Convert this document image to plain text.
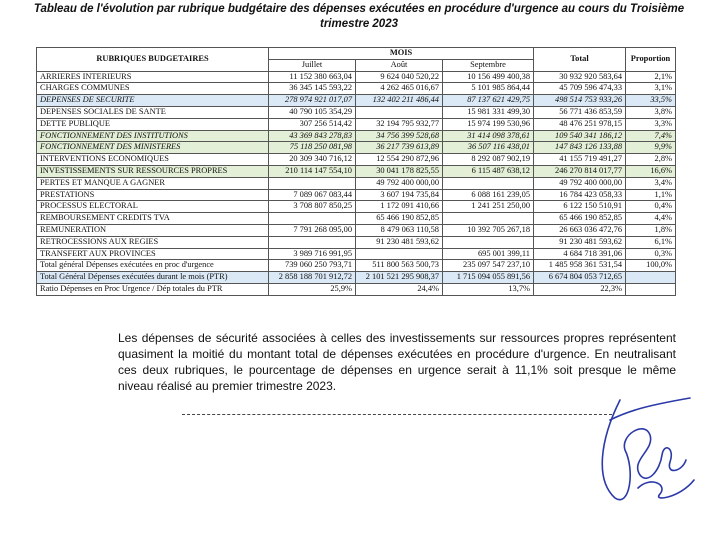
Tableau de l'évolution par rubrique budgétaire des dépenses exécutées en procédure d'urgence au cours du Troisième
trimestre 2023
RUBRIQUES BUDGETAIRES	MOIS			Total	Proportion
	Juillet	Août	Septembre		
ARRIERES INTERIEURS	11 152 380 663,04	9 624 040 520,22	10 156 499 400,38	30 932 920 583,64	2,1%
CHARGES COMMUNES	36 345 145 593,22	4 262 465 016,67	5 101 985 864,44	45 709 596 474,33	3,1%
DEPENSES DE SECURITE	278 974 921 017,07	132 402 211 486,44	87 137 621 429,75	498 514 753 933,26	33,5%
DEPENSES SOCIALES DE SANTE	40 790 105 354,29		15 981 331 499,30	56 771 436 853,59	3,8%
DETTE PUBLIQUE	307 256 514,42	32 194 795 932,77	15 974 199 530,96	48 476 251 978,15	3,3%
FONCTIONNEMENT DES INSTITUTIONS	43 369 843 278,83	34 756 399 528,68	31 414 098 378,61	109 540 341 186,12	7,4%
FONCTIONNEMENT DES MINISTERES	75 118 250 081,98	36 217 739 613,89	36 507 116 438,01	147 843 126 133,88	9,9%
INTERVENTIONS ECONOMIQUES	20 309 340 716,12	12 554 290 872,96	8 292 087 902,19	41 155 719 491,27	2,8%
INVESTISSEMENTS SUR RESSOURCES PROPRES	210 114 147 554,10	30 041 178 825,55	6 115 487 638,12	246 270 814 017,77	16,6%
PERTES ET MANQUE A GAGNER		49 792 400 000,00		49 792 400 000,00	3,4%
PRESTATIONS	7 089 067 083,44	3 607 194 735,84	6 088 161 239,05	16 784 423 058,33	1,1%
PROCESSUS ELECTORAL	3 708 807 850,25	1 172 091 410,66	1 241 251 250,00	6 122 150 510,91	0,4%
REMBOURSEMENT CREDITS TVA		65 466 190 852,85		65 466 190 852,85	4,4%
REMUNERATION	7 791 268 095,00	8 479 063 110,58	10 392 705 267,18	26 663 036 472,76	1,8%
RETROCESSIONS AUX REGIES		91 230 481 593,62		91 230 481 593,62	6,1%
TRANSFERT AUX PROVINCES	3 989 716 991,95		695 001 399,11	4 684 718 391,06	0,3%
Total général Dépenses exécutées en proc d'urgence	739 060 250 793,71	511 800 563 500,73	235 097 547 237,10	1 485 958 361 531,54	100,0%
Total Général Dépenses exécutées durant le mois (PTR)	2 858 188 701 912,72	2 101 521 295 908,37	1 715 094 055 891,56	6 674 804 053 712,65	
Ratio Dépenses en Proc Urgence / Dép totales du PTR	25,9%	24,4%	13,7%	22,3%	
Les dépenses de sécurité associées à celles des investissements sur ressources propres représentent quasiment la moitié du montant total de dépenses exécutées en procédure d'urgence. En neutralisant ces deux rubriques, le pourcentage de dépenses en urgence serait à 11,1% soit presque le même niveau réalisé au premier trimestre 2023.
